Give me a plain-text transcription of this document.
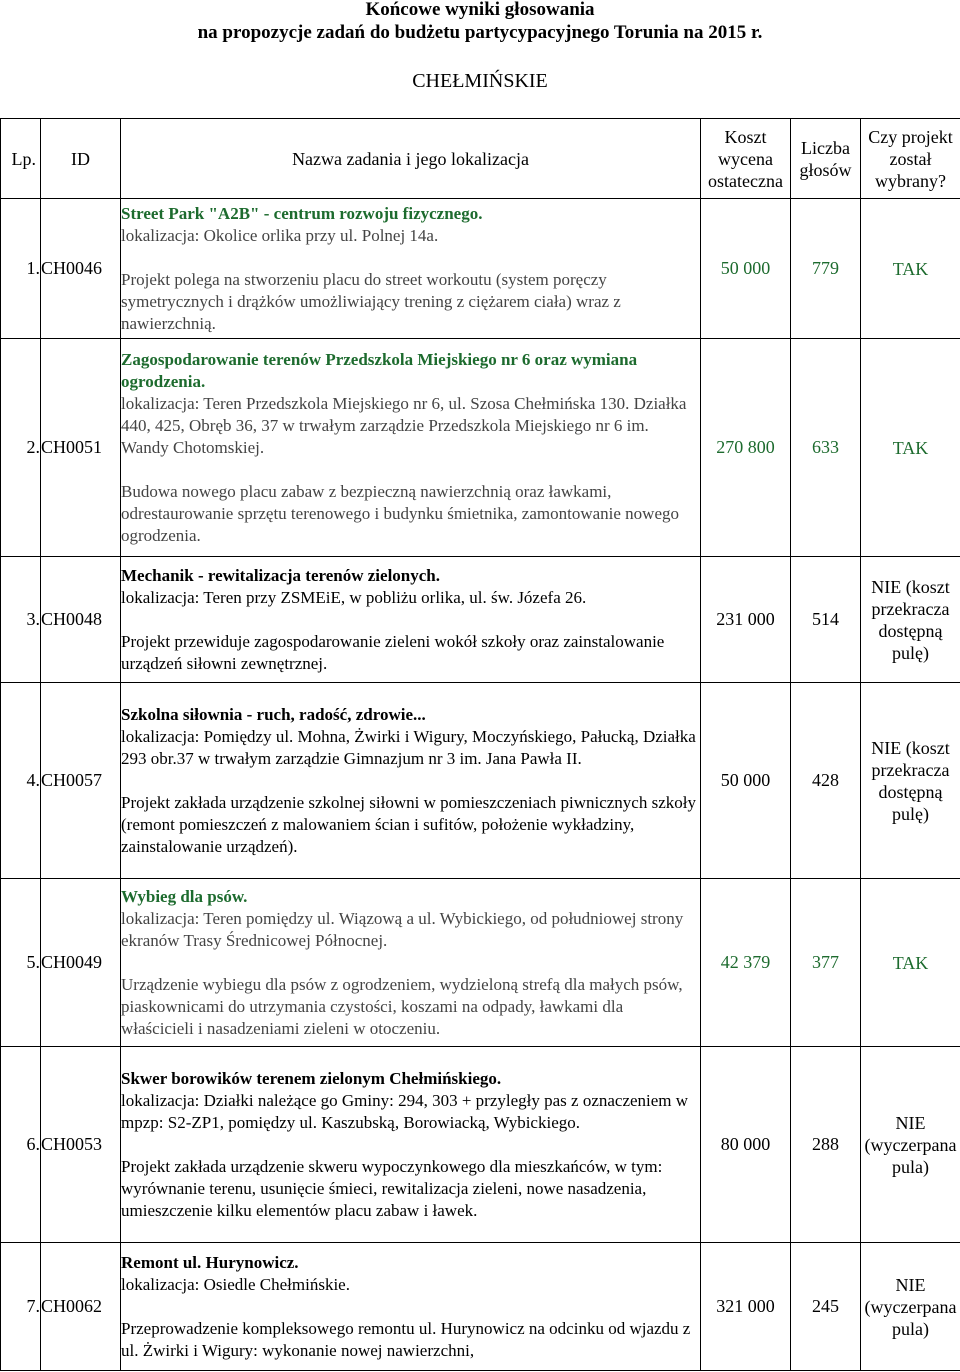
Końcowe wyniki głosowania
na propozycje zadań do budżetu partycypacyjnego Torunia na 2015 r.
CHEŁMIŃSKIE
Lp.	ID	Nazwa zadania i jego lokalizacja	Koszt wycena ostateczna	Liczba głosów	Czy projekt został wybrany?
1.	CH0046	Street Park "A2B" - centrum rozwoju fizycznego.

lokalizacja: Okolice orlika przy ul. Polnej 14a.

Projekt polega na stworzeniu placu do street workoutu (system poręczy symetrycznych i drążków umożliwiający trening z ciężarem ciała) wraz z nawierzchnią.	50 000	779	TAK
2.	CH0051	Zagospodarowanie terenów Przedszkola Miejskiego nr 6 oraz wymiana ogrodzenia.

lokalizacja: Teren Przedszkola Miejskiego nr 6, ul. Szosa Chełmińska 130. Działka 440, 425, Obręb 36, 37 w trwałym zarządzie Przedszkola Miejskiego nr 6 im. Wandy Chotomskiej.

Budowa nowego placu zabaw z bezpieczną nawierzchnią oraz ławkami, odrestaurowanie sprzętu terenowego i budynku śmietnika, zamontowanie nowego ogrodzenia.	270 800	633	TAK
3.	CH0048	Mechanik - rewitalizacja terenów zielonych.

lokalizacja: Teren przy ZSMEiE, w pobliżu orlika, ul. św. Józefa 26.

Projekt przewiduje zagospodarowanie zieleni wokół szkoły oraz zainstalowanie urządzeń siłowni zewnętrznej.	231 000	514	NIE (koszt przekracza dostępną pulę)
4.	CH0057	Szkolna siłownia - ruch, radość, zdrowie...

lokalizacja: Pomiędzy ul. Mohna, Żwirki i Wigury, Moczyńskiego, Pałucką, Działka 293 obr.37 w trwałym zarządzie Gimnazjum nr 3 im. Jana Pawła II.

Projekt zakłada urządzenie szkolnej siłowni w pomieszczeniach piwnicznych szkoły (remont pomieszczeń z malowaniem ścian i sufitów, położenie wykładziny, zainstalowanie urządzeń).	50 000	428	NIE (koszt przekracza dostępną pulę)
5.	CH0049	Wybieg dla psów.

lokalizacja: Teren pomiędzy ul. Wiązową a ul. Wybickiego, od południowej strony ekranów Trasy Średnicowej Północnej.

Urządzenie wybiegu dla psów z ogrodzeniem, wydzieloną strefą dla małych psów, piaskownicami do utrzymania czystości, koszami na odpady, ławkami dla właścicieli i nasadzeniami zieleni w otoczeniu.	42 379	377	TAK
6.	CH0053	Skwer borowików terenem zielonym Chełmińskiego.

lokalizacja: Działki należące go Gminy: 294, 303 + przyległy pas z oznaczeniem w mpzp: S2-ZP1, pomiędzy ul. Kaszubską, Borowiacką, Wybickiego.

Projekt zakłada urządzenie skweru wypoczynkowego dla mieszkańców, w tym: wyrównanie terenu, usunięcie śmieci, rewitalizacja zieleni, nowe nasadzenia, umieszczenie kilku elementów placu zabaw i ławek.	80 000	288	NIE (wyczerpana pula)
7.	CH0062	Remont ul. Hurynowicz.

lokalizacja: Osiedle Chełmińskie.

Przeprowadzenie kompleksowego remontu ul. Hurynowicz na odcinku od wjazdu z ul. Żwirki i Wigury: wykonanie nowej nawierzchni,	321 000	245	NIE (wyczerpana pula)
